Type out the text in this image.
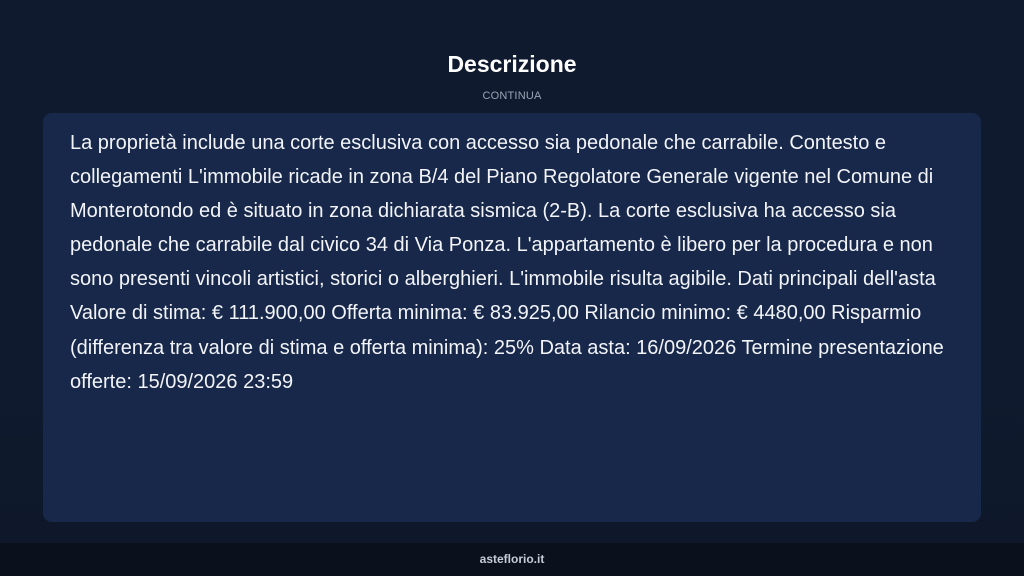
Descrizione
CONTINUA

La proprietà include una corte esclusiva con accesso sia pedonale che carrabile. Contesto e collegamenti L'immobile ricade in zona B/4 del Piano Regolatore Generale vigente nel Comune di Monterotondo ed è situato in zona dichiarata sismica (2-B). La corte esclusiva ha accesso sia pedonale che carrabile dal civico 34 di Via Ponza. L'appartamento è libero per la procedura e non sono presenti vincoli artistici, storici o alberghieri. L'immobile risulta agibile. Dati principali dell'asta Valore di stima: € 111.900,00 Offerta minima: € 83.925,00 Rilancio minimo: € 4480,00 Risparmio (differenza tra valore di stima e offerta minima): 25% Data asta: 16/09/2026 Termine presentazione offerte: 15/09/2026 23:59

asteflorio.it
